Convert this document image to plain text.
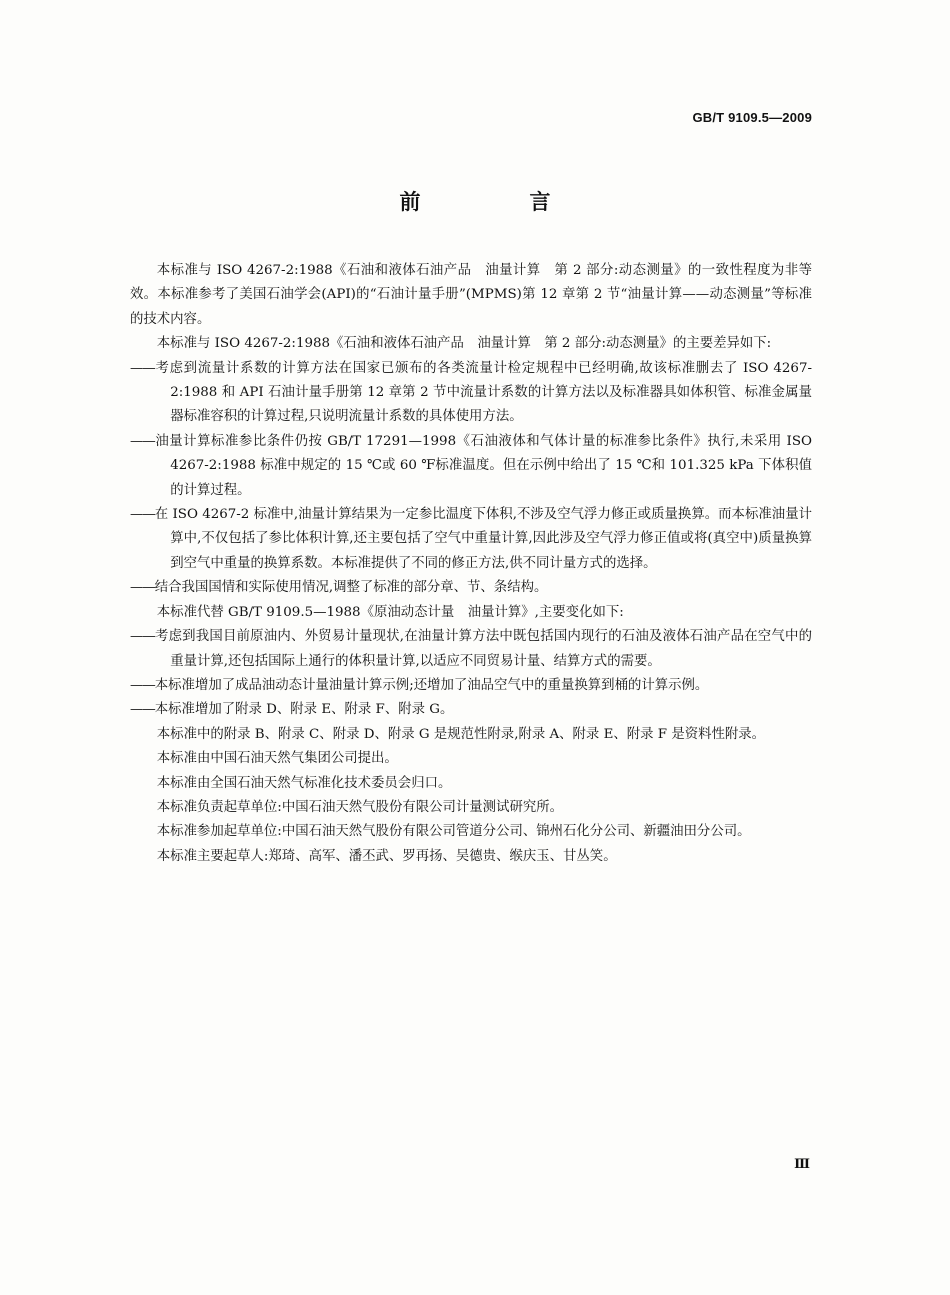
GB/T 9109.5—2009
前　言
本标准与 ISO 4267-2:1988《石油和液体石油产品　油量计算　第 2 部分:动态测量》的一致性程度为非等效。本标准参考了美国石油学会(API)的“石油计量手册”(MPMS)第 12 章第 2 节“油量计算——动态测量”等标准的技术内容。
本标准与 ISO 4267-2:1988《石油和液体石油产品　油量计算　第 2 部分:动态测量》的主要差异如下:
——考虑到流量计系数的计算方法在国家已颁布的各类流量计检定规程中已经明确,故该标准删去了 ISO 4267-2:1988 和 API 石油计量手册第 12 章第 2 节中流量计系数的计算方法以及标准器具如体积管、标准金属量器标准容积的计算过程,只说明流量计系数的具体使用方法。
——油量计算标准参比条件仍按 GB/T 17291—1998《石油液体和气体计量的标准参比条件》执行,未采用 ISO 4267-2:1988 标准中规定的 15 ℃或 60 ℉标准温度。但在示例中给出了 15 ℃和 101.325 kPa 下体积值的计算过程。
——在 ISO 4267-2 标准中,油量计算结果为一定参比温度下体积,不涉及空气浮力修正或质量换算。而本标准油量计算中,不仅包括了参比体积计算,还主要包括了空气中重量计算,因此涉及空气浮力修正值或将(真空中)质量换算到空气中重量的换算系数。本标准提供了不同的修正方法,供不同计量方式的选择。
——结合我国国情和实际使用情况,调整了标准的部分章、节、条结构。
本标准代替 GB/T 9109.5—1988《原油动态计量　油量计算》,主要变化如下:
——考虑到我国目前原油内、外贸易计量现状,在油量计算方法中既包括国内现行的石油及液体石油产品在空气中的重量计算,还包括国际上通行的体积量计算,以适应不同贸易计量、结算方式的需要。
——本标准增加了成品油动态计量油量计算示例;还增加了油品空气中的重量换算到桶的计算示例。
——本标准增加了附录 D、附录 E、附录 F、附录 G。
本标准中的附录 B、附录 C、附录 D、附录 G 是规范性附录,附录 A、附录 E、附录 F 是资料性附录。
本标准由中国石油天然气集团公司提出。
本标准由全国石油天然气标准化技术委员会归口。
本标准负责起草单位:中国石油天然气股份有限公司计量测试研究所。
本标准参加起草单位:中国石油天然气股份有限公司管道分公司、锦州石化分公司、新疆油田分公司。
本标准主要起草人:郑琦、高军、潘丕武、罗再扬、吴德贵、缑庆玉、甘丛笑。
Ⅲ
